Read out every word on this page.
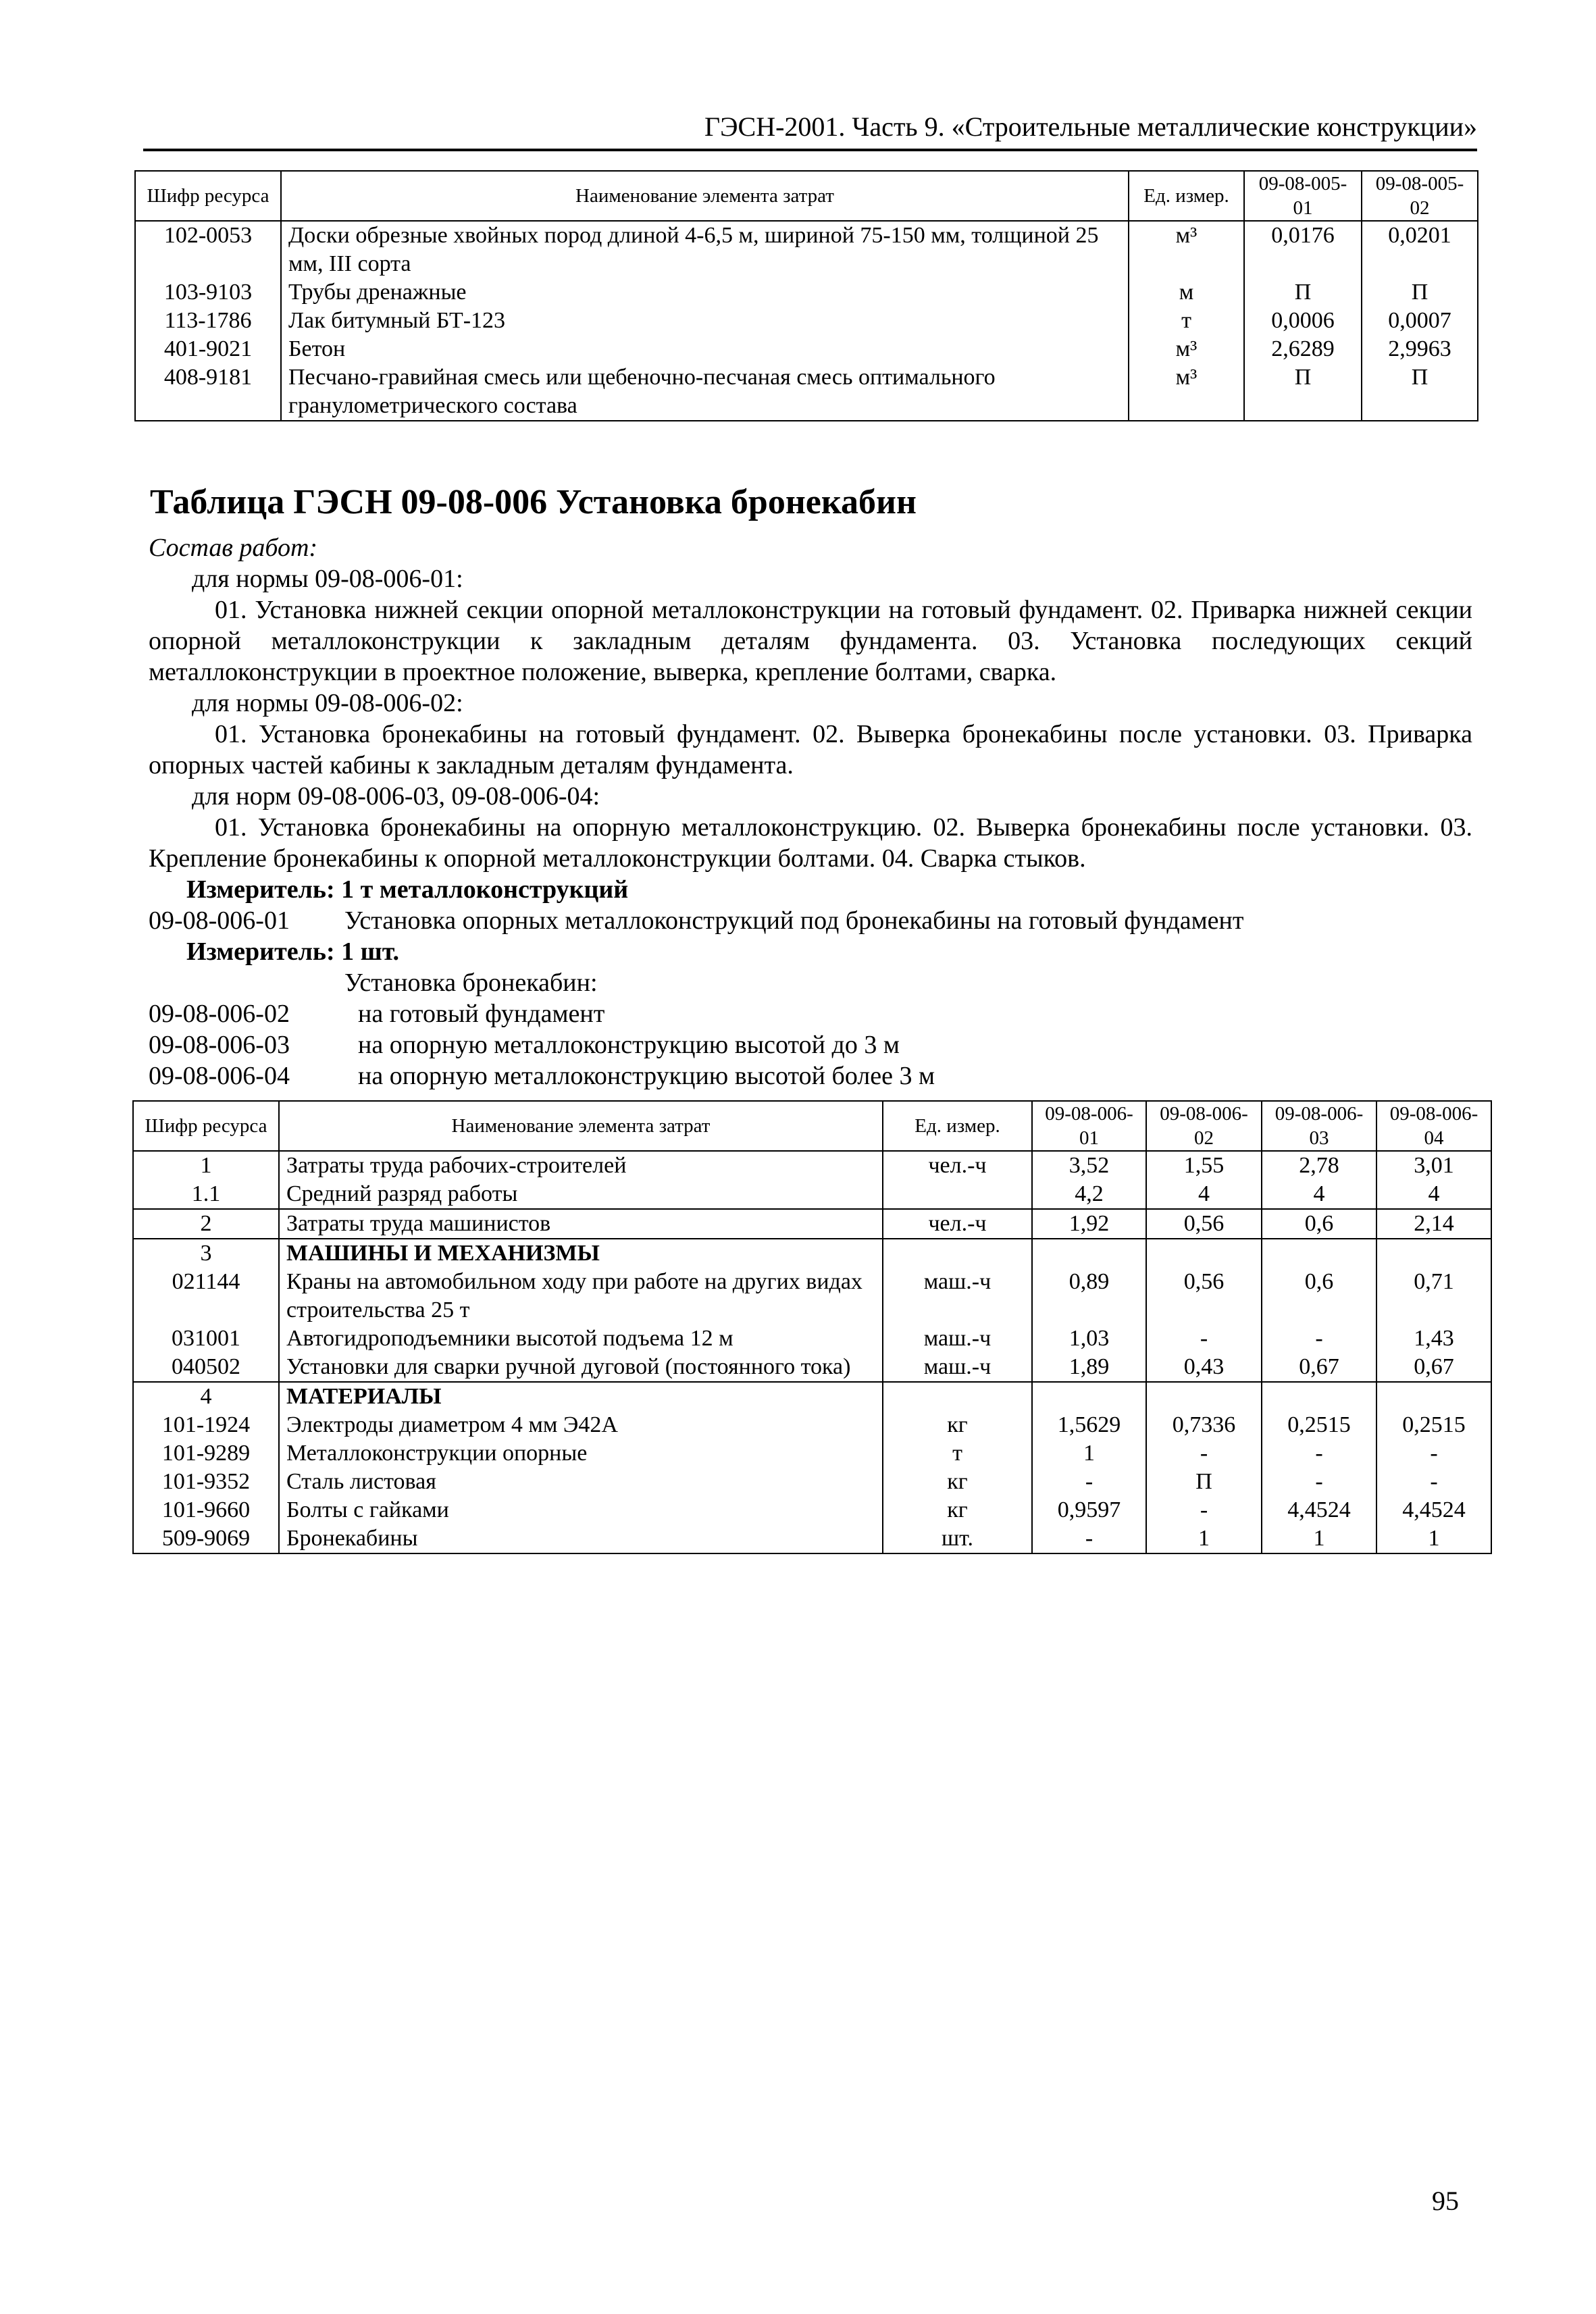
ГЭСН-2001. Часть 9. «Строительные металлические конструкции»
Шифр ресурса	Наименование элемента затрат	Ед. измер.	09-08-005-01	09-08-005-02
102-0053	Доски обрезные хвойных пород длиной 4-6,5 м, шириной 75-150 мм, толщиной 25 мм, III сорта	м³	0,0176	0,0201
103-9103	Трубы дренажные	м	П	П
113-1786	Лак битумный БТ-123	т	0,0006	0,0007
401-9021	Бетон	м³	2,6289	2,9963
408-9181	Песчано-гравийная смесь или щебеночно-песчаная смесь оптимального гранулометрического состава	м³	П	П
Таблица ГЭСН 09-08-006 Установка бронекабин

Состав работ:

для нормы 09-08-006-01:

01. Установка нижней секции опорной металлоконструкции на готовый фундамент. 02. Приварка нижней секции опорной металлоконструкции к закладным деталям фундамента. 03. Установка последующих секций металлоконструкции в проектное положение, выверка, крепление болтами, сварка.

для нормы 09-08-006-02:

01. Установка бронекабины на готовый фундамент. 02. Выверка бронекабины после установки. 03. Приварка опорных частей кабины к закладным деталям фундамента.

для норм 09-08-006-03, 09-08-006-04:

01. Установка бронекабины на опорную металлоконструкцию. 02. Выверка бронекабины после установки. 03. Крепление бронекабины к опорной металлоконструкции болтами. 04. Сварка стыков.

Измеритель: 1 т металлоконструкций

09-08-006-01	Установка опорных металлоконструкций под бронекабины на готовый фундамент

Измеритель: 1 шт.

Установка бронекабин:

09-08-006-02	на готовый фундамент
09-08-006-03	на опорную металлоконструкцию высотой до 3 м
09-08-006-04	на опорную металлоконструкцию высотой более 3 м
Шифр ресурса	Наименование элемента затрат	Ед. измер.	09-08-006-01	09-08-006-02	09-08-006-03	09-08-006-04
1	Затраты труда рабочих-строителей	чел.-ч	3,52	1,55	2,78	3,01
1.1	Средний разряд работы		4,2	4	4	4
2	Затраты труда машинистов	чел.-ч	1,92	0,56	0,6	2,14
3	МАШИНЫ И МЕХАНИЗМЫ					
021144	Краны на автомобильном ходу при работе на других видах строительства 25 т	маш.-ч	0,89	0,56	0,6	0,71
031001	Автогидроподъемники высотой подъема 12 м	маш.-ч	1,03	-	-	1,43
040502	Установки для сварки ручной дуговой (постоянного тока)	маш.-ч	1,89	0,43	0,67	0,67
4	МАТЕРИАЛЫ					
101-1924	Электроды диаметром 4 мм Э42А	кг	1,5629	0,7336	0,2515	0,2515
101-9289	Металлоконструкции опорные	т	1	-	-	-
101-9352	Сталь листовая	кг	-	П	-	-
101-9660	Болты с гайками	кг	0,9597	-	4,4524	4,4524
509-9069	Бронекабины	шт.	-	1	1	1
95
